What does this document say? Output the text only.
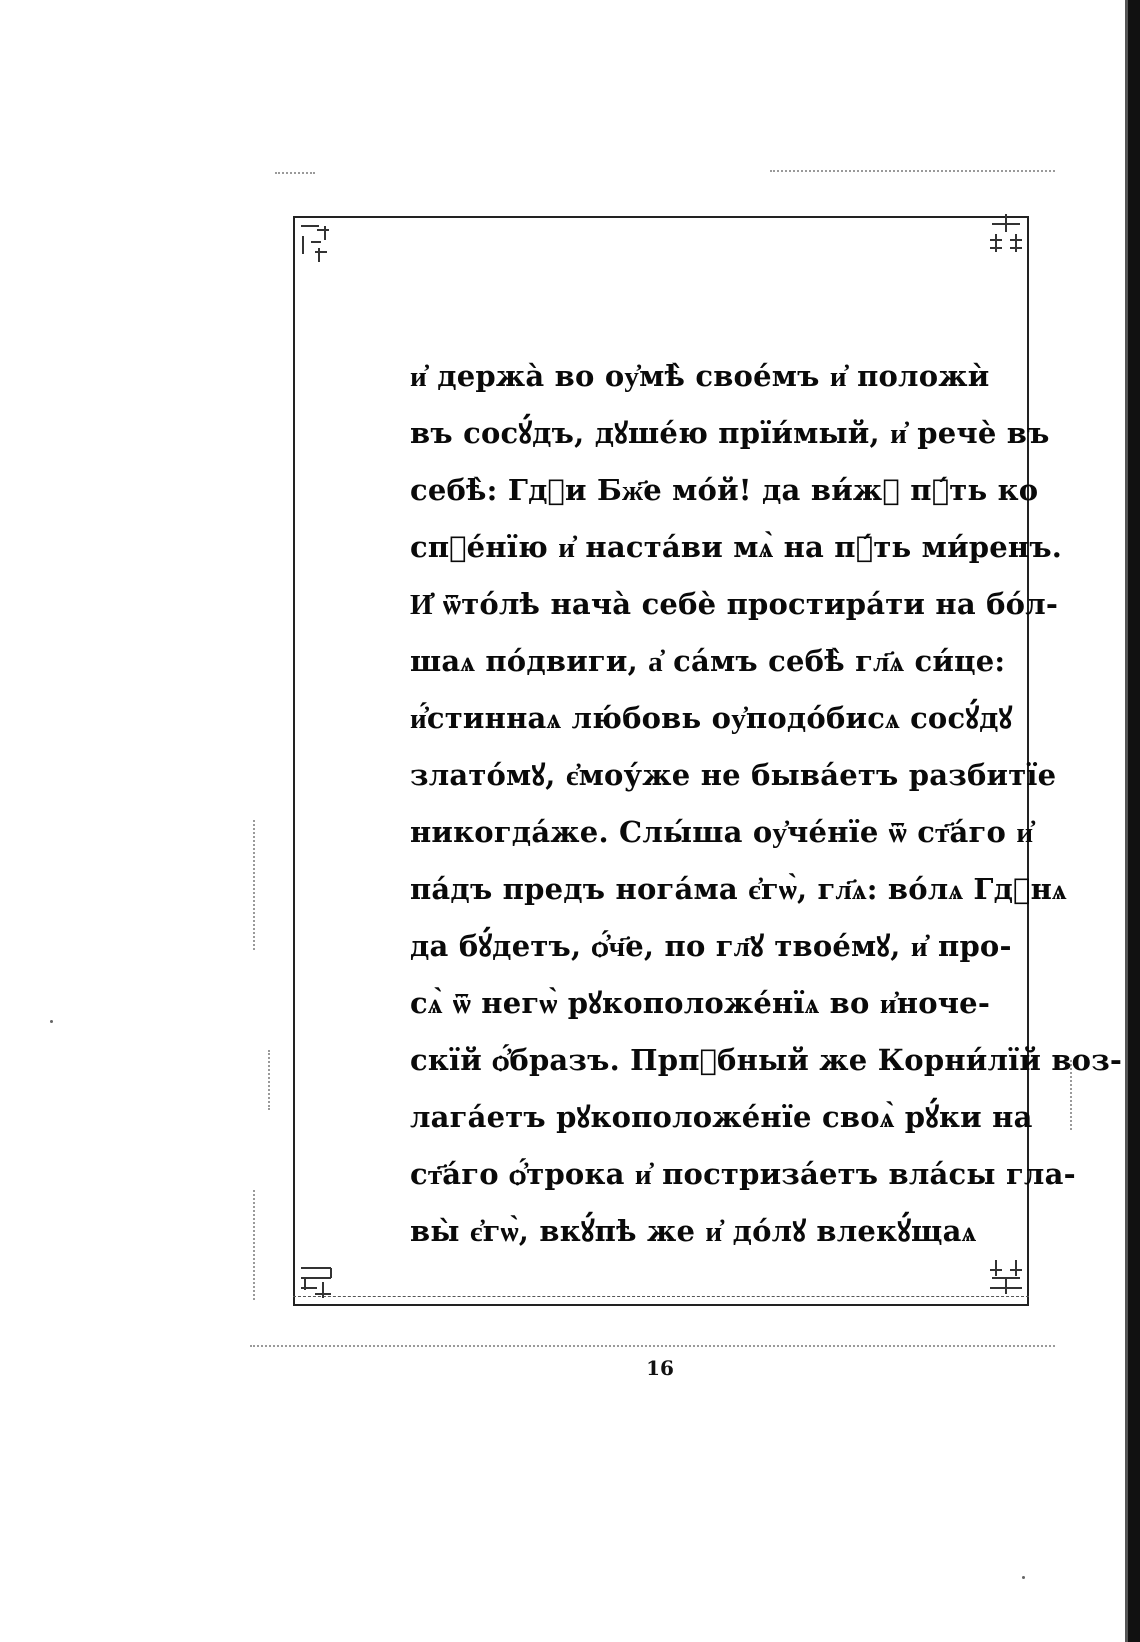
и҆ держа̀ во оу҆мѣ̀ свое́мъ и҆ положѝ
въ сосꙋ́дъ, дꙋше́ю прїи́мый, и҆ речѐ въ
себѣ̀: Гдⷭи Бж҃е мо́й! да ви́жꙋ пꙋ́ть ко
спⷭе́нїю и҆ наста́ви мѧ̀ на пꙋ́ть ми́ренъ.
И҆ ѿто́лѣ нача̀ себѐ простира́ти на бо́л-
шаѧ по́двиги, а҆ са́мъ себѣ̀ гл҃ѧ си́це:
и҆́стиннаѧ лю́бовь оу҆подо́бисѧ сосꙋ́дꙋ
злато́мꙋ, є҆моу́же не быва́етъ разбитїе
никогда́же. Слы́ша оу҆че́нїе ѿ ст҃а́го и҆
па́дъ предъ нога́ма є҆гѡ̀, гл҃ѧ: во́лѧ Гдⷭнѧ
да бꙋ́детъ, ѻ҆́ч҃е, по гл҃ꙋ твое́мꙋ, и҆ про-
сѧ̀ ѿ негѡ̀ рꙋкоположе́нїѧ во и҆ноче-
скїй ѻ҆́бразъ. Прпⷣбный же Корни́лїй воз-
лага́етъ рꙋкоположе́нїе своѧ̀ рꙋ́ки на
ст҃а́го ѻ҆́трока и҆ постриза́етъ вла́сы гла-
вы̀ є҆гѡ̀, вкꙋ́пѣ же и҆ до́лꙋ влекꙋ́щаѧ
16
